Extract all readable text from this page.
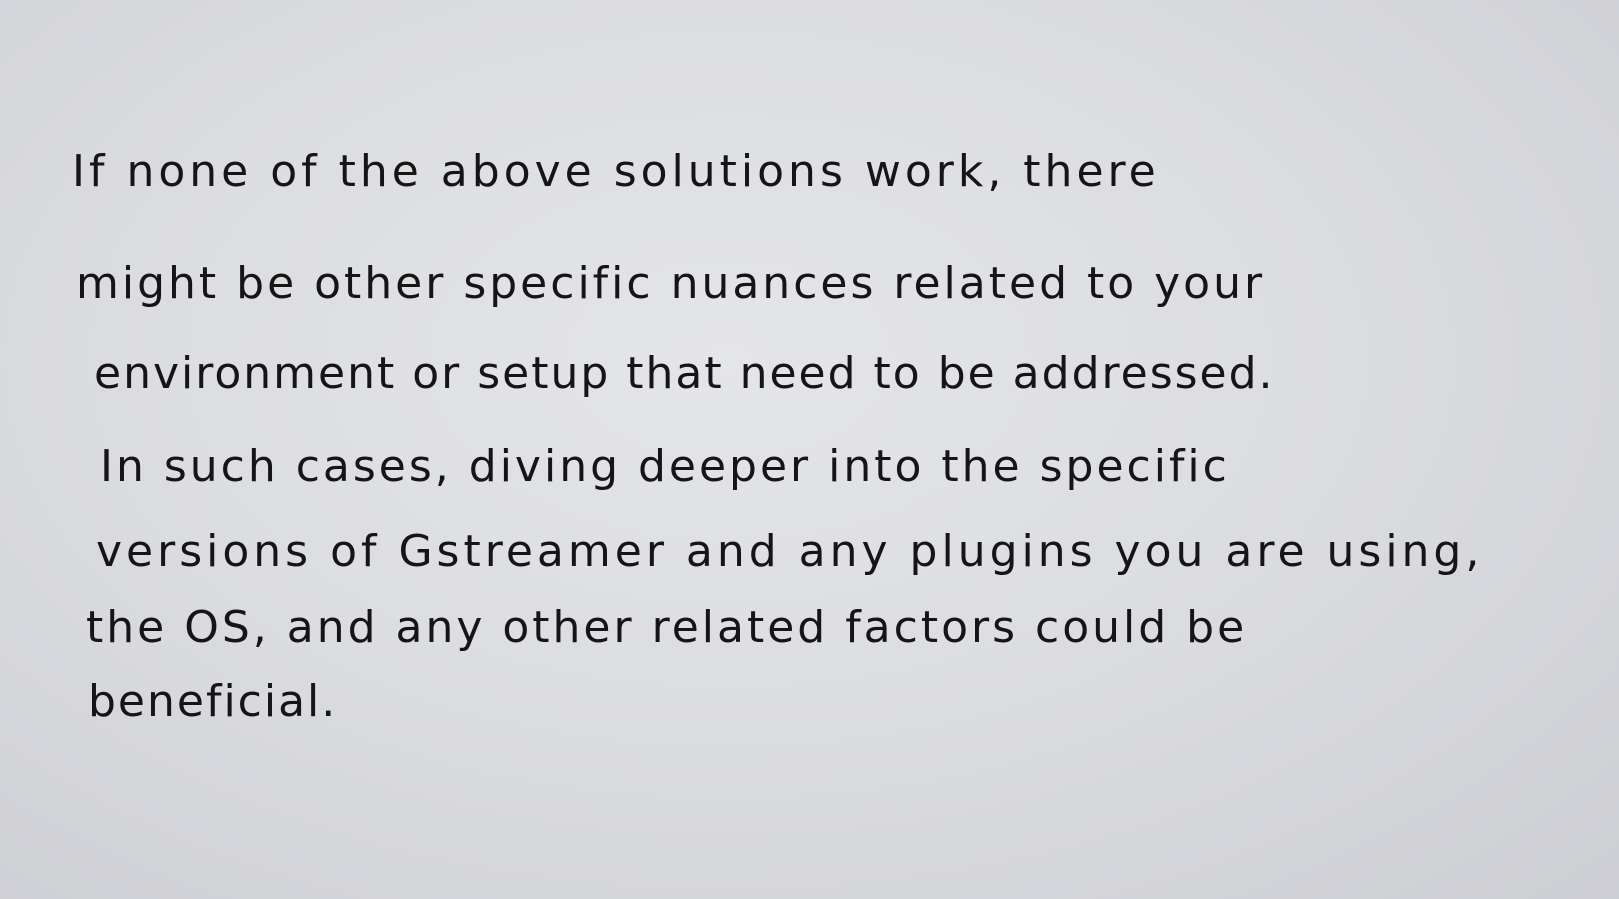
If none of the above solutions work, there
might be other specific nuances related to your
environment or setup that need to be addressed.
In such cases, diving deeper into the specific
versions of Gstreamer and any plugins you are using,
the OS, and any other related factors could be
beneficial.
